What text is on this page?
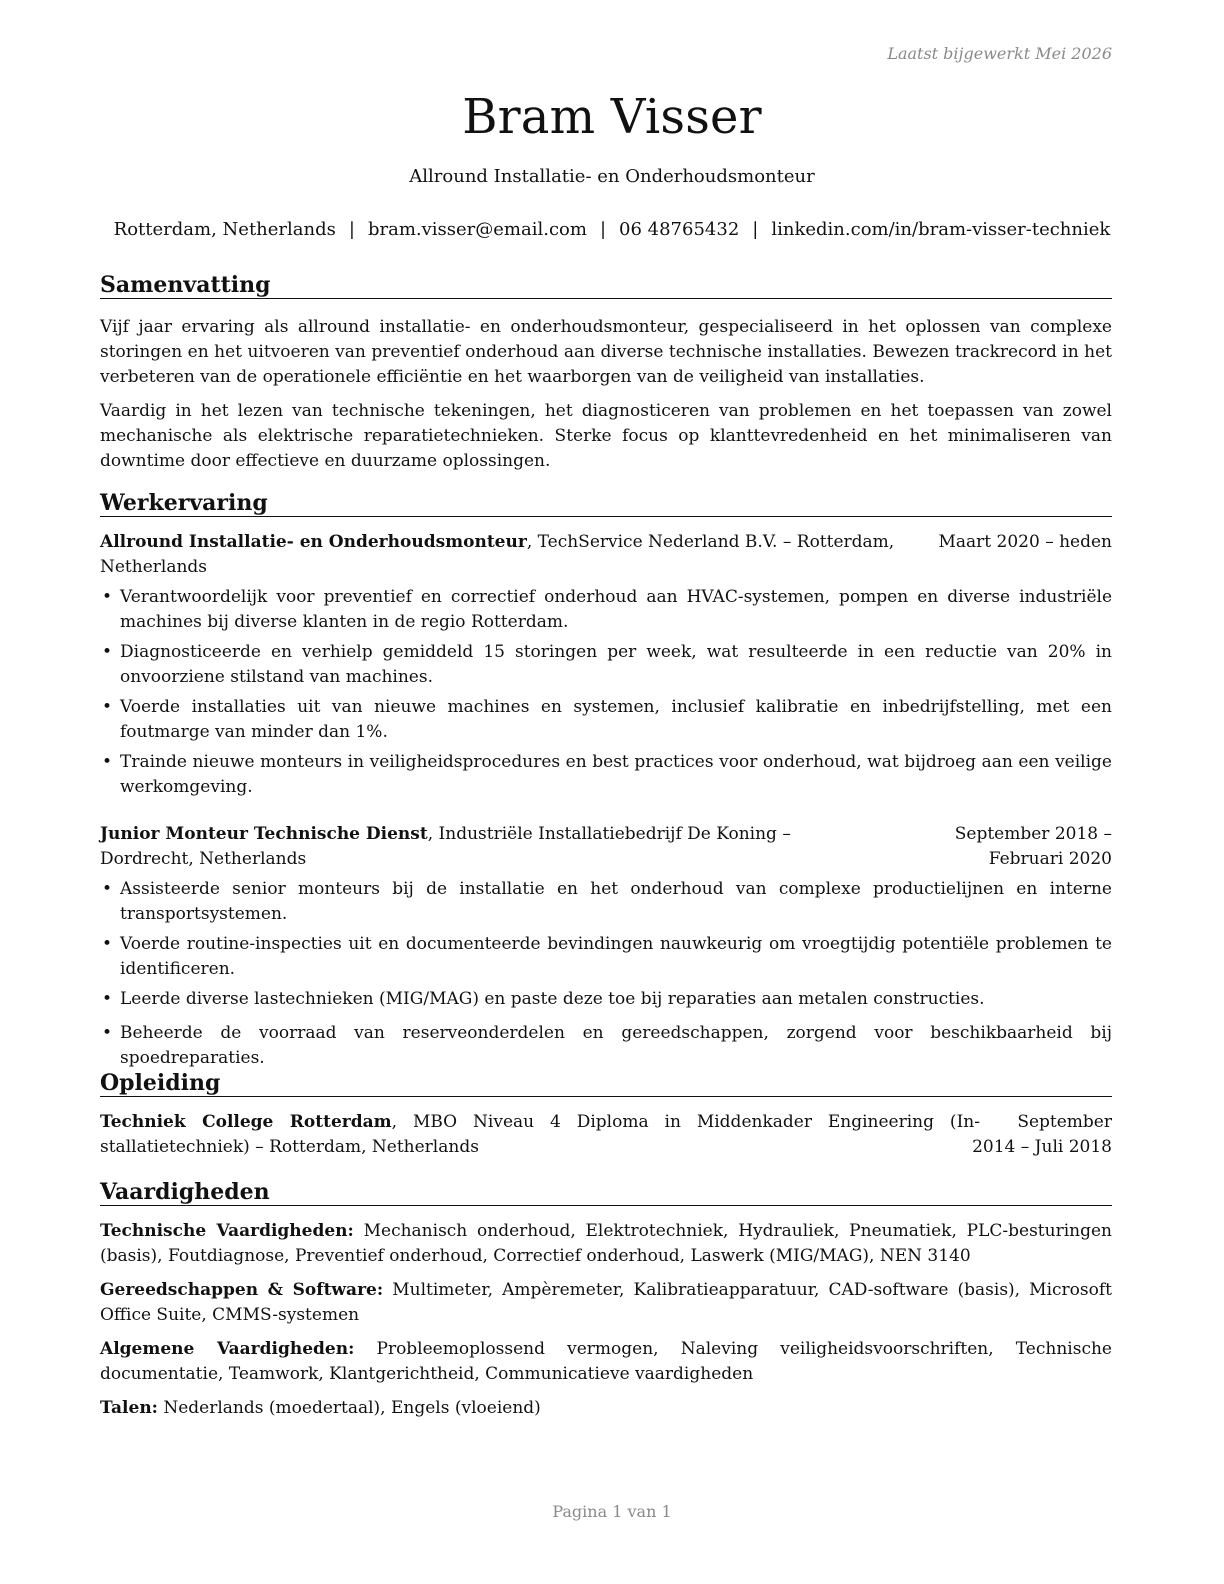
Laatst bijgewerkt Mei 2026
Bram Visser
Allround Installatie- en Onderhoudsmonteur
Rotterdam, Netherlands | bram.visser@email.com | 06 48765432 | linkedin.com/in/bram-visser-techniek
Samenvatting

Vijf jaar ervaring als allround installatie- en onderhoudsmonteur, gespecialiseerd in het oplossen van complexe storingen en het uitvoeren van preventief onderhoud aan diverse technische installaties. Bewezen trackrecord in het verbeteren van de operationele efficiëntie en het waarborgen van de veiligheid van installaties.

Vaardig in het lezen van technische tekeningen, het diagnosticeren van problemen en het toepassen van zowel mechanische als elektrische reparatietechnieken. Sterke focus op klanttevredenheid en het minimaliseren van downtime door effectieve en duurzame oplossingen.

Werkervaring
Allround Installatie- en Onderhoudsmonteur, TechService Nederland B.V. – Rotterdam, Netherlands
Maart 2020 – heden
• Verantwoordelijk voor preventief en correctief onderhoud aan HVAC-systemen, pompen en diverse industriële machines bij diverse klanten in de regio Rotterdam.
• Diagnosticeerde en verhielp gemiddeld 15 storingen per week, wat resulteerde in een reductie van 20% in onvoorziene stilstand van machines.
• Voerde installaties uit van nieuwe machines en systemen, inclusief kalibratie en inbedrijfstelling, met een foutmarge van minder dan 1%.
• Trainde nieuwe monteurs in veiligheidsprocedures en best practices voor onderhoud, wat bijdroeg aan een veilige werkomgeving.
Junior Monteur Technische Dienst, Industriële Installatiebedrijf De Koning – Dordrecht, Netherlands
September 2018 – Februari 2020
• Assisteerde senior monteurs bij de installatie en het onderhoud van complexe productielijnen en interne transportsystemen.
• Voerde routine-inspecties uit en documenteerde bevindingen nauwkeurig om vroegtijdig potentiële problemen te identificeren.
• Leerde diverse lastechnieken (MIG/MAG) en paste deze toe bij reparaties aan metalen constructies.
• Beheerde de voorraad van reserveonderdelen en gereedschappen, zorgend voor beschikbaarheid bij spoedreparaties.
Opleiding
Techniek College Rotterdam, MBO Niveau 4 Diploma in Middenkader Engineering (Installatietechniek) – Rotterdam, Netherlands
September 2014 – Juli 2018
Vaardigheden
Technische Vaardigheden: Mechanisch onderhoud, Elektrotechniek, Hydrauliek, Pneumatiek, PLC-besturingen (basis), Foutdiagnose, Preventief onderhoud, Correctief onderhoud, Laswerk (MIG/MAG), NEN 3140
Gereedschappen & Software: Multimeter, Ampèremeter, Kalibratieapparatuur, CAD-software (basis), Microsoft Office Suite, CMMS-systemen
Algemene Vaardigheden: Probleemoplossend vermogen, Naleving veiligheidsvoorschriften, Technische documentatie, Teamwork, Klantgerichtheid, Communicatieve vaardigheden
Talen: Nederlands (moedertaal), Engels (vloeiend)
Pagina 1 van 1
